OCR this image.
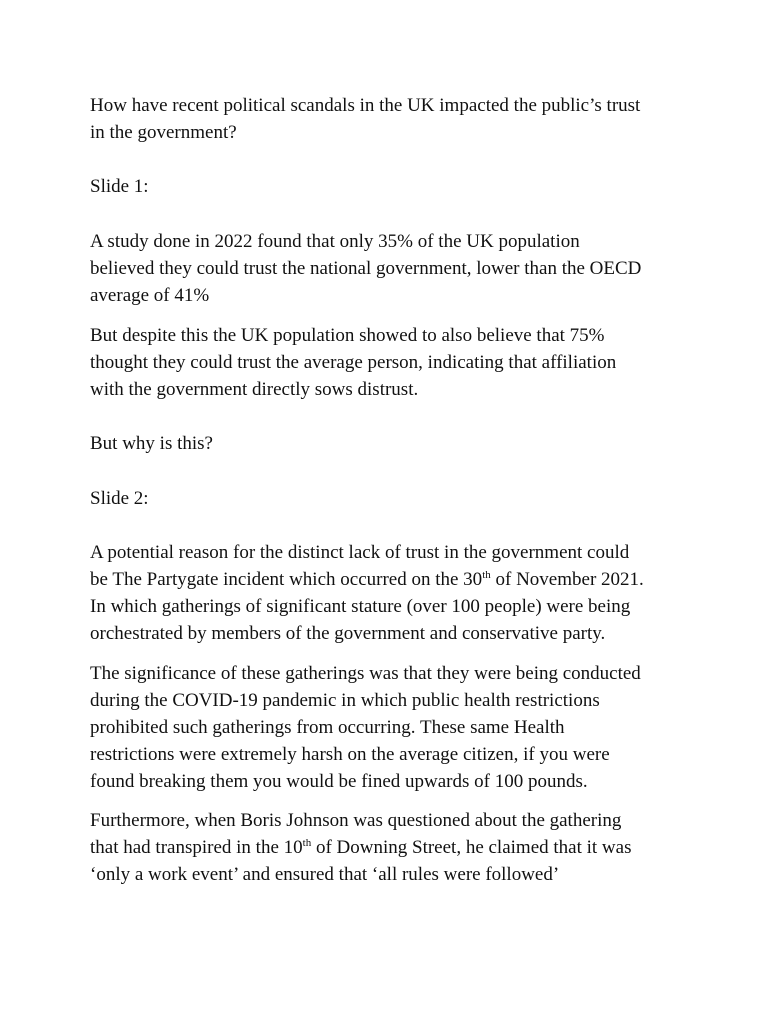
How have recent political scandals in the UK impacted the public’s trust
in the government?

Slide 1:

A study done in 2022 found that only 35% of the UK population
believed they could trust the national government, lower than the OECD
average of 41%

But despite this the UK population showed to also believe that 75%
thought they could trust the average person, indicating that affiliation
with the government directly sows distrust.

But why is this?

Slide 2:

A potential reason for the distinct lack of trust in the government could
be The Partygate incident which occurred on the 30th of November 2021.
In which gatherings of significant stature (over 100 people) were being
orchestrated by members of the government and conservative party.

The significance of these gatherings was that they were being conducted
during the COVID-19 pandemic in which public health restrictions
prohibited such gatherings from occurring. These same Health
restrictions were extremely harsh on the average citizen, if you were
found breaking them you would be fined upwards of 100 pounds.

Furthermore, when Boris Johnson was questioned about the gathering
that had transpired in the 10th of Downing Street, he claimed that it was
‘only a work event’ and ensured that ‘all rules were followed’
